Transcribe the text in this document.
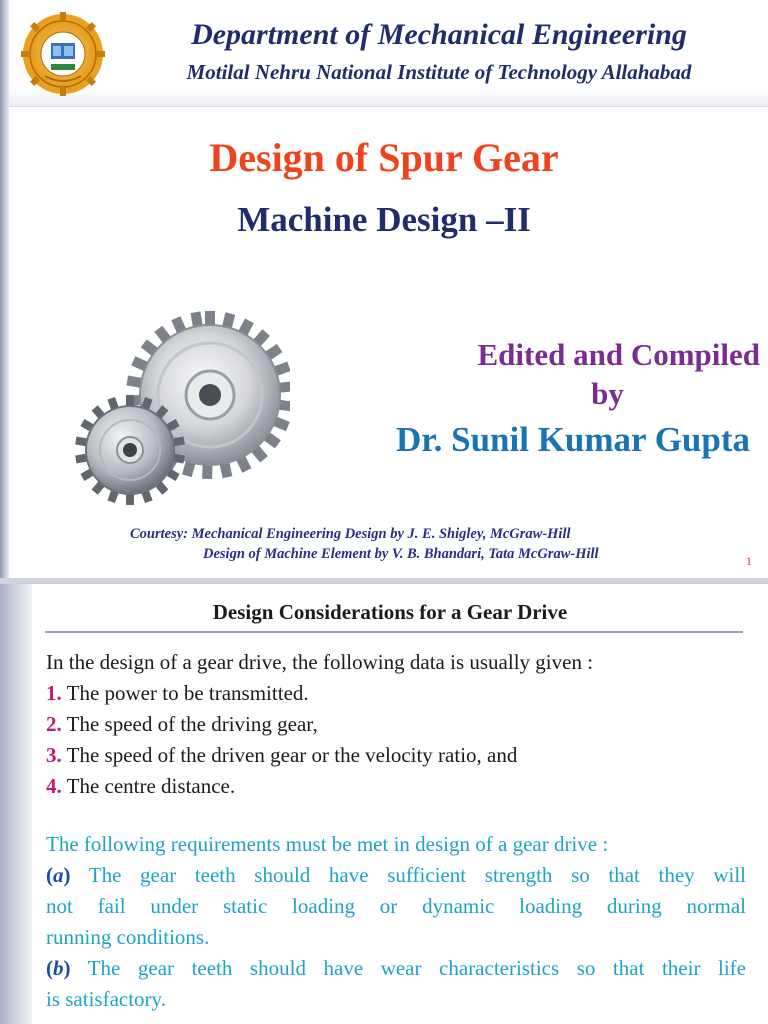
Department of Mechanical Engineering

Motilal Nehru National Institute of Technology Allahabad

Design of Spur Gear

Machine Design –II

Edited and Compiled

by

Dr. Sunil Kumar Gupta

Courtesy: Mechanical Engineering Design by J. E. Shigley, McGraw-Hill

Design of Machine Element by V. B. Bhandari, Tata McGraw-Hill	1

Design Considerations for a Gear Drive

In the design of a gear drive, the following data is usually given :

1. The power to be transmitted.

2. The speed of the driving gear,

3. The speed of the driven gear or the velocity ratio, and

4. The centre distance.

The following requirements must be met in design of a gear drive :

(a) The gear teeth should have sufficient strength so that they will

not fail under static loading or dynamic loading during normal

running conditions.

(b) The gear teeth should have wear characteristics so that their life

is satisfactory.
